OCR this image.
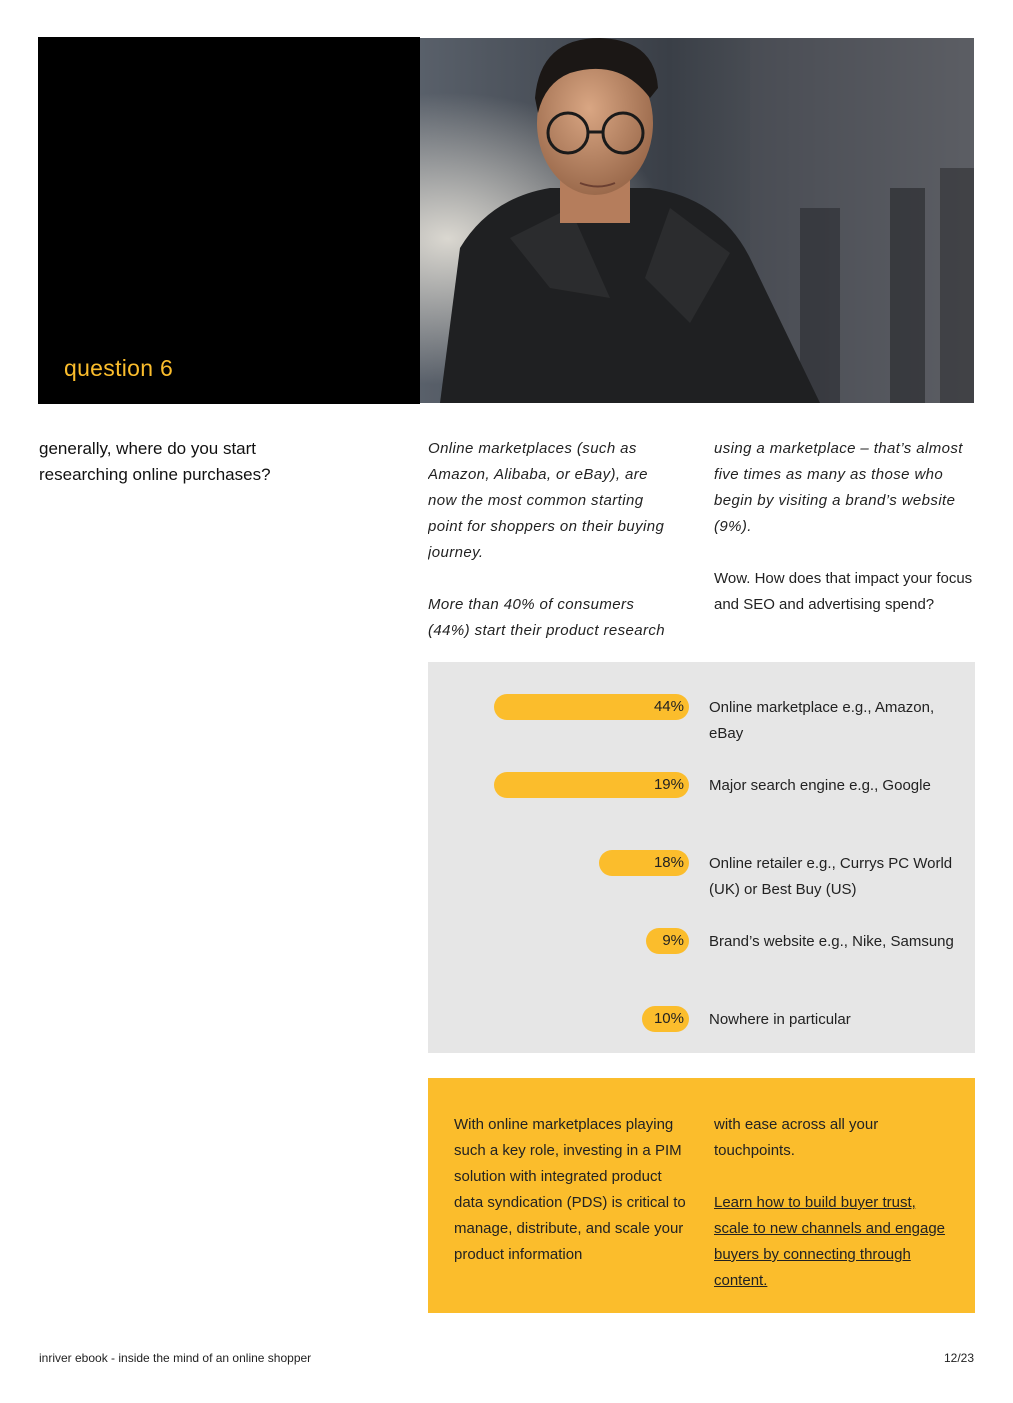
question 6
generally, where do you start researching online purchases?

Online marketplaces (such as Amazon, Alibaba, or eBay), are now the most common starting point for shoppers on their buying journey.

More than 40% of consumers (44%) start their product research

using a marketplace – that’s almost five times as many as those who begin by visiting a brand’s website (9%).

Wow. How does that impact your focus and SEO and advertising spend?

44% Online marketplace e.g., Amazon, eBay
19% Major search engine e.g., Google
18% Online retailer e.g., Currys PC World (UK) or Best Buy (US)
9% Brand’s website e.g., Nike, Samsung
10% Nowhere in particular
With online marketplaces playing such a key role, investing in a PIM solution with integrated product data syndication (PDS) is critical to manage, distribute, and scale your product information
with ease across all your touchpoints.
Learn how to build buyer trust, scale to new channels and engage buyers by connecting through content.
inriver ebook - inside the mind of an online shopper	12/23
